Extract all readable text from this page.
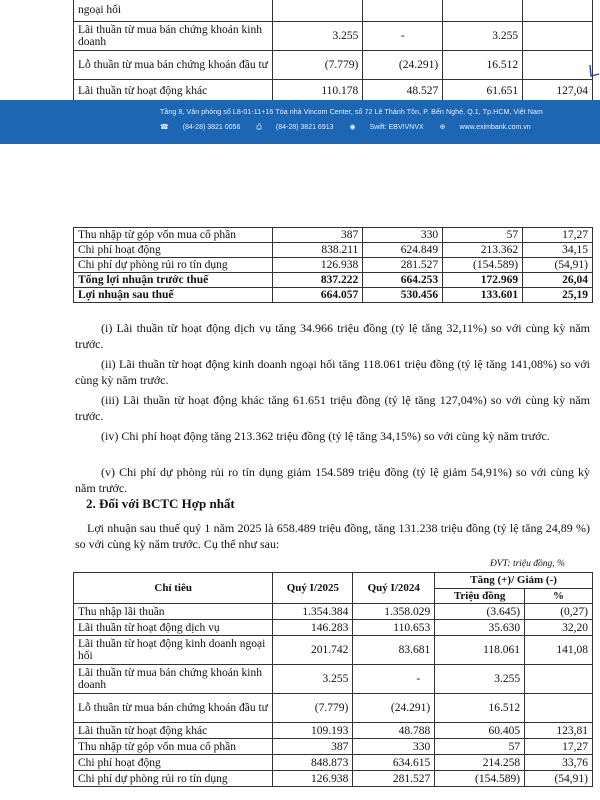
ngoại hối				
Lãi thuần từ mua bán chứng khoán kinh doanh	3.255	-	3.255	
Lỗ thuần từ mua bán chứng khoán đầu tư	(7.779)	(24.291)	16.512	
Lãi thuần từ hoạt động khác	110.178	48.527	61.651	127,04
Tầng 8, Văn phòng số L8-01-11+16 Tòa nhà Vincom Center, số 72 Lê Thánh Tôn, P. Bến Nghé, Q.1, Tp.HCM, Việt Nam
☎ (84-28) 3821 0056 ⎙ (84-28) 3821 6913 ◉ Swift: EBVIVNVX ⊕ www.eximbank.com.vn
Thu nhập từ góp vốn mua cổ phần	387	330	57	17,27
Chi phí hoạt động	838.211	624.849	213.362	34,15
Chi phí dự phòng rủi ro tín dụng	126.938	281.527	(154.589)	(54,91)
Tổng lợi nhuận trước thuế	837.222	664.253	172.969	26,04
Lợi nhuận sau thuế	664.057	530.456	133.601	25,19
(i) Lãi thuần từ hoạt động dịch vụ tăng 34.966 triệu đồng (tỷ lệ tăng 32,11%) so với cùng kỳ năm trước.
(ii) Lãi thuần từ hoạt động kinh doanh ngoại hối tăng 118.061 triệu đồng (tỷ lệ tăng 141,08%) so với cùng kỳ năm trước.
(iii) Lãi thuần từ hoạt động khác tăng 61.651 triệu đồng (tỷ lệ tăng 127,04%) so với cùng kỳ năm trước.
(iv) Chi phí hoạt động tăng 213.362 triệu đồng (tỷ lệ tăng 34,15%) so với cùng kỳ năm trước.
(v) Chi phí dự phòng rủi ro tín dụng giảm 154.589 triệu đồng (tỷ lệ giảm 54,91%) so với cùng kỳ năm trước.
2. Đối với BCTC Hợp nhất
Lợi nhuận sau thuế quý 1 năm 2025 là 658.489 triệu đồng, tăng 131.238 triệu đồng (tỷ lệ tăng 24,89 %) so với cùng kỳ năm trước. Cụ thể như sau:
ĐVT: triệu đồng, %
Chỉ tiêu	Quý I/2025	Quý I/2024	Tăng (+)/ Giảm (-)	
			Triệu đồng	%
Thu nhập lãi thuần	1.354.384	1.358.029	(3.645)	(0,27)
Lãi thuần từ hoạt động dịch vụ	146.283	110.653	35.630	32,20
Lãi thuần từ hoạt động kinh doanh ngoại hối	201.742	83.681	118.061	141,08
Lãi thuần từ mua bán chứng khoán kinh doanh	3.255	-	3.255	
Lỗ thuần từ mua bán chứng khoán đầu tư	(7.779)	(24.291)	16.512	
Lãi thuần từ hoạt động khác	109.193	48.788	60.405	123,81
Thu nhập từ góp vốn mua cổ phần	387	330	57	17,27
Chi phí hoạt động	848.873	634.615	214.258	33,76
Chi phí dự phòng rủi ro tín dụng	126.938	281.527	(154.589)	(54,91)
